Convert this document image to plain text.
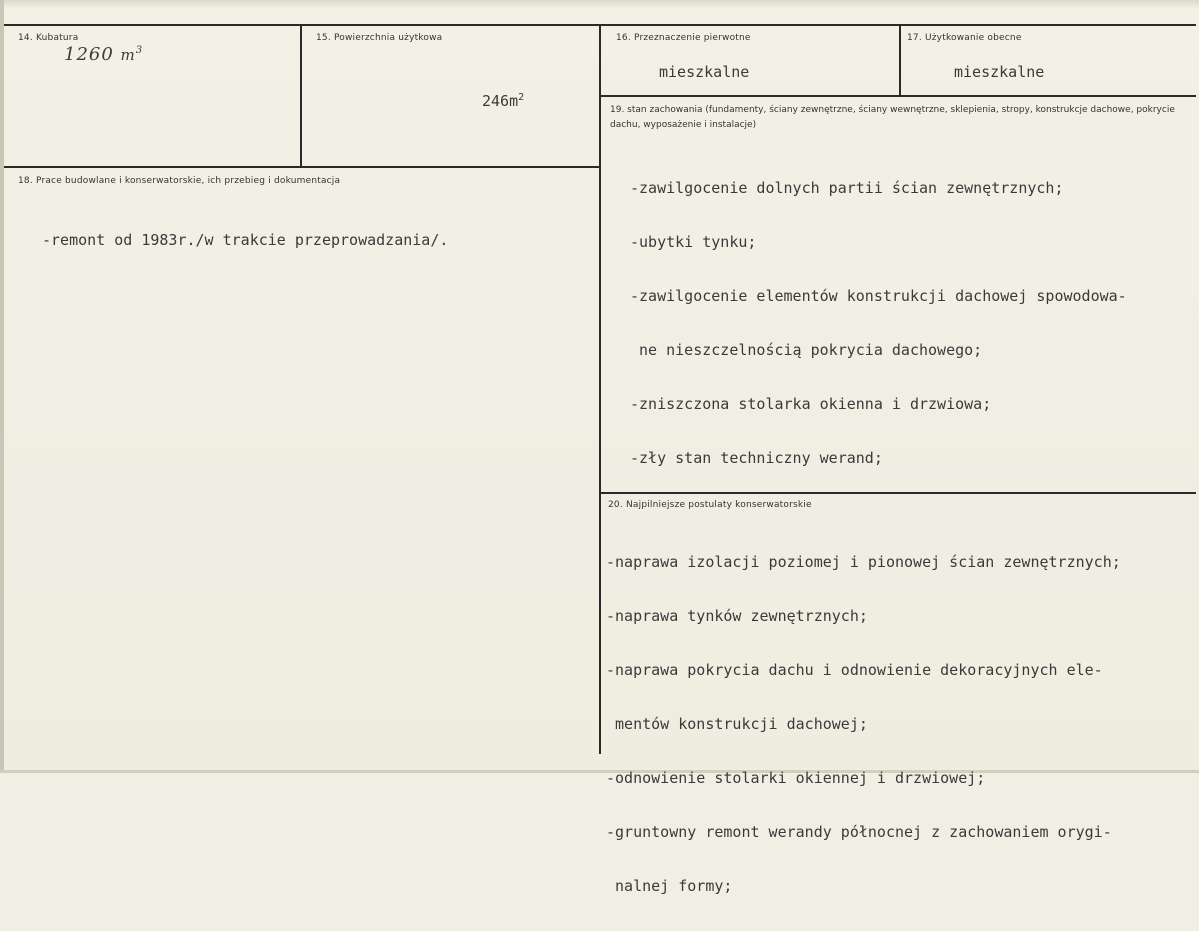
14. Kubatura
1260 $m^3$
15. Powierzchnia użytkowa
$246m^2$
16. Przeznaczenie pierwotne
mieszkalne
17. Użytkowanie obecne
mieszkalne
18. Prace budowlane i konserwatorskie, ich przebieg i dokumentacja

-remont od 1983r./w trakcie przeprowadzania/.

19. stan zachowania (fundamenty, ściany zewnętrzne, ściany wewnętrzne, sklepienia, stropy, konstrukcje dachowe, pokrycie dachu, wyposażenie i instalacje)

-zawilgocenie dolnych partii ścian zewnętrznych;

-ubytki tynku;

-zawilgocenie elementów konstrukcji dachowej spowodowa-

ne nieszczelnością pokrycia dachowego;

-zniszczona stolarka okienna i drzwiowa;

-zły stan techniczny werand;

20. Najpilniejsze postulaty konserwatorskie

-naprawa izolacji poziomej i pionowej ścian zewnętrznych;

-naprawa tynków zewnętrznych;

-naprawa pokrycia dachu i odnowienie dekoracyjnych ele-

mentów konstrukcji dachowej;

-odnowienie stolarki okiennej i drzwiowej;

-gruntowny remont werandy północnej z zachowaniem orygi-

nalnej formy;
